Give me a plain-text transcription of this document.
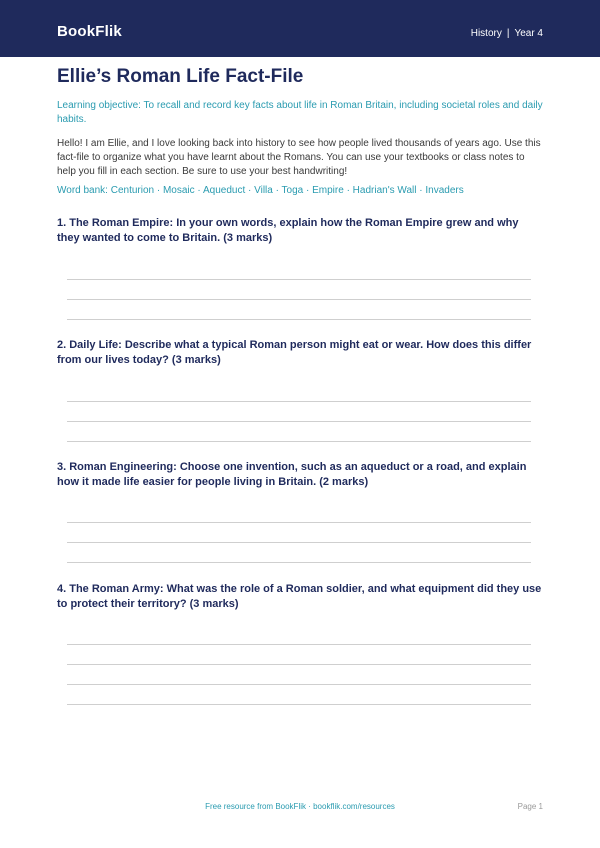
BookFlik	History | Year 4
Ellie’s Roman Life Fact-File
Learning objective: To recall and record key facts about life in Roman Britain, including societal roles and daily habits.
Hello! I am Ellie, and I love looking back into history to see how people lived thousands of years ago. Use this fact-file to organize what you have learnt about the Romans. You can use your textbooks or class notes to help you fill in each section. Be sure to use your best handwriting!
Word bank: Centurion · Mosaic · Aqueduct · Villa · Toga · Empire · Hadrian's Wall · Invaders
1. The Roman Empire: In your own words, explain how the Roman Empire grew and why they wanted to come to Britain. (3 marks)
2. Daily Life: Describe what a typical Roman person might eat or wear. How does this differ from our lives today? (3 marks)
3. Roman Engineering: Choose one invention, such as an aqueduct or a road, and explain how it made life easier for people living in Britain. (2 marks)
4. The Roman Army: What was the role of a Roman soldier, and what equipment did they use to protect their territory? (3 marks)
Free resource from BookFlik · bookflik.com/resources	Page 1
